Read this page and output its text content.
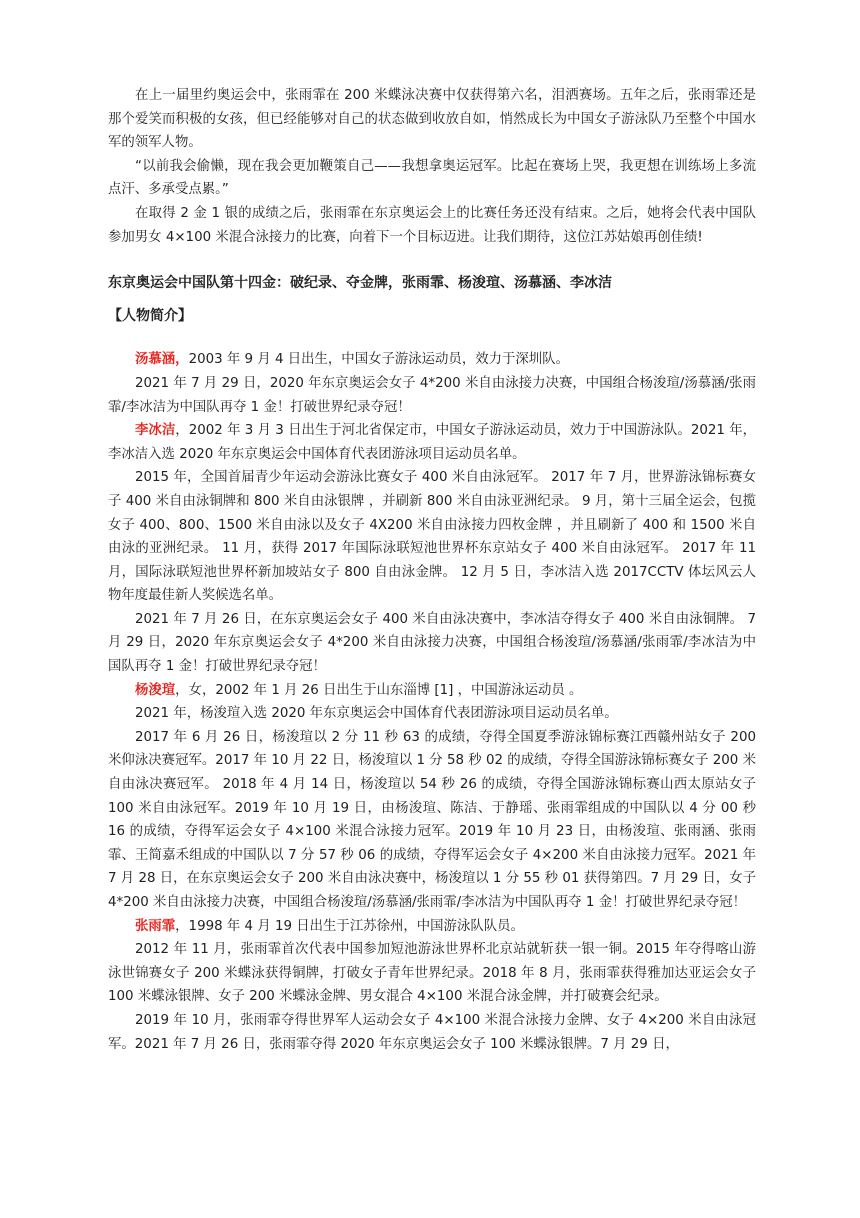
在上一届里约奥运会中，张雨霏在 200 米蝶泳决赛中仅获得第六名，泪洒赛场。五年之后，张雨霏还是那个爱笑而积极的女孩，但已经能够对自己的状态做到收放自如，悄然成长为中国女子游泳队乃至整个中国水军的领军人物。

“以前我会偷懒，现在我会更加鞭策自己——我想拿奥运冠军。比起在赛场上哭，我更想在训练场上多流点汗、多承受点累。”

在取得 2 金 1 银的成绩之后，张雨霏在东京奥运会上的比赛任务还没有结束。之后，她将会代表中国队参加男女 4×100 米混合泳接力的比赛，向着下一个目标迈进。让我们期待，这位江苏姑娘再创佳绩!

东京奥运会中国队第十四金：破纪录、夺金牌，张雨霏、杨浚瑄、汤慕涵、李冰洁

【人物简介】

汤慕涵，2003 年 9 月 4 日出生，中国女子游泳运动员，效力于深圳队。

2021 年 7 月 29 日，2020 年东京奥运会女子 4*200 米自由泳接力决赛，中国组合杨浚瑄/汤慕涵/张雨霏/李冰洁为中国队再夺 1 金！打破世界纪录夺冠！

李冰洁，2002 年 3 月 3 日出生于河北省保定市，中国女子游泳运动员，效力于中国游泳队。2021 年，李冰洁入选 2020 年东京奥运会中国体育代表团游泳项目运动员名单。

2015 年，全国首届青少年运动会游泳比赛女子 400 米自由泳冠军。 2017 年 7 月，世界游泳锦标赛女子 400 米自由泳铜牌和 800 米自由泳银牌 ，并刷新 800 米自由泳亚洲纪录。 9 月，第十三届全运会，包揽女子 400、800、1500 米自由泳以及女子 4X200 米自由泳接力四枚金牌 ，并且刷新了 400 和 1500 米自由泳的亚洲纪录。 11 月，获得 2017 年国际泳联短池世界杯东京站女子 400 米自由泳冠军。 2017 年 11 月，国际泳联短池世界杯新加坡站女子 800 自由泳金牌。 12 月 5 日，李冰洁入选 2017CCTV 体坛风云人物年度最佳新人奖候选名单。

2021 年 7 月 26 日，在东京奥运会女子 400 米自由泳决赛中，李冰洁夺得女子 400 米自由泳铜牌。 7 月 29 日，2020 年东京奥运会女子 4*200 米自由泳接力决赛，中国组合杨浚瑄/汤慕涵/张雨霏/李冰洁为中国队再夺 1 金！打破世界纪录夺冠！

杨浚瑄，女，2002 年 1 月 26 日出生于山东淄博 [1] ，中国游泳运动员 。

2021 年，杨浚瑄入选 2020 年东京奥运会中国体育代表团游泳项目运动员名单。

2017 年 6 月 26 日，杨浚瑄以 2 分 11 秒 63 的成绩，夺得全国夏季游泳锦标赛江西赣州站女子 200 米仰泳决赛冠军。2017 年 10 月 22 日，杨浚瑄以 1 分 58 秒 02 的成绩，夺得全国游泳锦标赛女子 200 米自由泳决赛冠军。 2018 年 4 月 14 日，杨浚瑄以 54 秒 26 的成绩，夺得全国游泳锦标赛山西太原站女子 100 米自由泳冠军。2019 年 10 月 19 日，由杨浚瑄、陈洁、于静瑶、张雨霏组成的中国队以 4 分 00 秒 16 的成绩，夺得军运会女子 4×100 米混合泳接力冠军。2019 年 10 月 23 日，由杨浚瑄、张雨涵、张雨霏、王简嘉禾组成的中国队以 7 分 57 秒 06 的成绩，夺得军运会女子 4×200 米自由泳接力冠军。2021 年 7 月 28 日，在东京奥运会女子 200 米自由泳决赛中，杨浚瑄以 1 分 55 秒 01 获得第四。7 月 29 日，女子 4*200 米自由泳接力决赛，中国组合杨浚瑄/汤慕涵/张雨霏/李冰洁为中国队再夺 1 金！打破世界纪录夺冠！

张雨霏，1998 年 4 月 19 日出生于江苏徐州，中国游泳队队员。

2012 年 11 月，张雨霏首次代表中国参加短池游泳世界杯北京站就斩获一银一铜。2015 年夺得喀山游泳世锦赛女子 200 米蝶泳获得铜牌，打破女子青年世界纪录。2018 年 8 月，张雨霏获得雅加达亚运会女子 100 米蝶泳银牌、女子 200 米蝶泳金牌、男女混合 4×100 米混合泳金牌，并打破赛会纪录。

2019 年 10 月，张雨霏夺得世界军人运动会女子 4×100 米混合泳接力金牌、女子 4×200 米自由泳冠军。2021 年 7 月 26 日，张雨霏夺得 2020 年东京奥运会女子 100 米蝶泳银牌。7 月 29 日，
